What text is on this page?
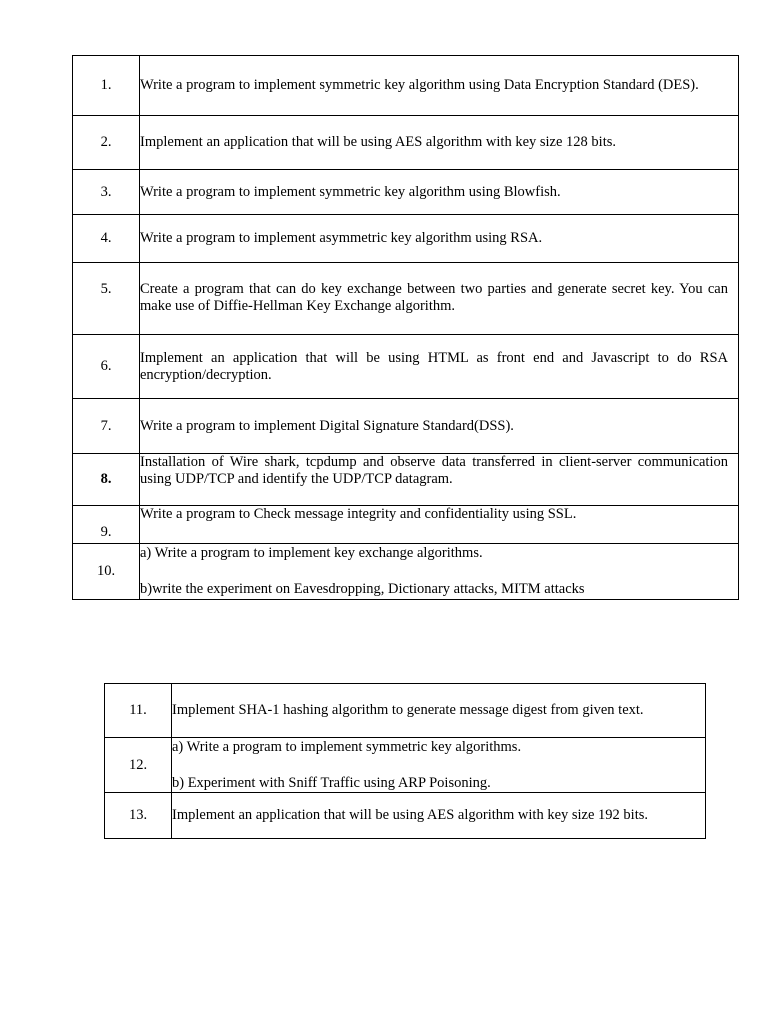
1.	Write a program to implement symmetric key algorithm using Data Encryption Standard (DES).
2.	Implement an application that will be using AES algorithm with key size 128 bits.
3.	Write a program to implement symmetric key algorithm using Blowfish.
4.	Write a program to implement asymmetric key algorithm using RSA.
5.	Create a program that can do key exchange between two parties and generate secret key. You can make use of Diffie-Hellman Key Exchange algorithm.
6.	Implement an application that will be using HTML as front end and Javascript to do RSA encryption/decryption.
7.	Write a program to implement Digital Signature Standard(DSS).
8.	Installation of Wire shark, tcpdump and observe data transferred in client-server communication using UDP/TCP and identify the UDP/TCP datagram.
9.	Write a program to Check message integrity and confidentiality using SSL.
10.	a) Write a program to implement key exchange algorithms.

b)write the experiment on Eavesdropping, Dictionary attacks, MITM attacks

11.	Implement SHA-1 hashing algorithm to generate message digest from given text.
12.	a) Write a program to implement symmetric key algorithms.

b) Experiment with Sniff Traffic using ARP Poisoning.

13.	Implement an application that will be using AES algorithm with key size 192 bits.
